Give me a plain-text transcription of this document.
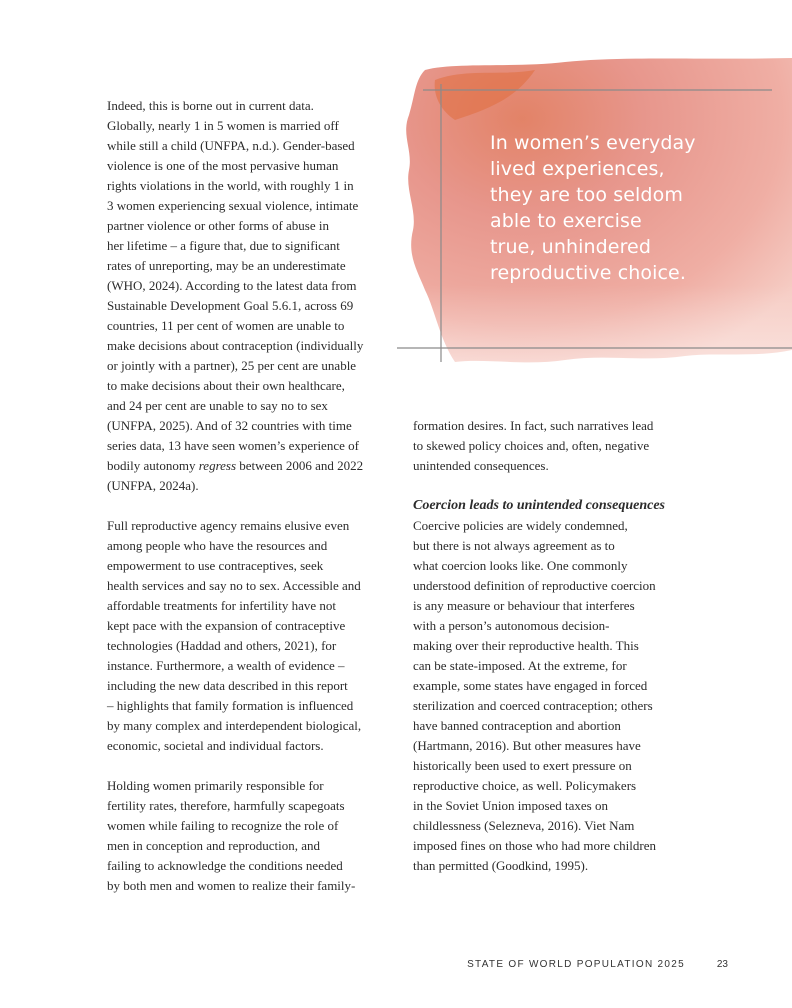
In women’s everyday
lived experiences,
they are too seldom
able to exercise
true, unhindered
reproductive choice.
Indeed, this is borne out in current data.
Globally, nearly 1 in 5 women is married off
while still a child (UNFPA, n.d.). Gender-based
violence is one of the most pervasive human
rights violations in the world, with roughly 1 in
3 women experiencing sexual violence, intimate
partner violence or other forms of abuse in
her lifetime – a figure that, due to significant
rates of unreporting, may be an underestimate
(WHO, 2024). According to the latest data from
Sustainable Development Goal 5.6.1, across 69
countries, 11 per cent of women are unable to
make decisions about contraception (individually
or jointly with a partner), 25 per cent are unable
to make decisions about their own healthcare,
and 24 per cent are unable to say no to sex
(UNFPA, 2025). And of 32 countries with time
series data, 13 have seen women’s experience of
bodily autonomy regress between 2006 and 2022
(UNFPA, 2024a).
Full reproductive agency remains elusive even
among people who have the resources and
empowerment to use contraceptives, seek
health services and say no to sex. Accessible and
affordable treatments for infertility have not
kept pace with the expansion of contraceptive
technologies (Haddad and others, 2021), for
instance. Furthermore, a wealth of evidence –
including the new data described in this report
– highlights that family formation is influenced
by many complex and interdependent biological,
economic, societal and individual factors.
Holding women primarily responsible for
fertility rates, therefore, harmfully scapegoats
women while failing to recognize the role of
men in conception and reproduction, and
failing to acknowledge the conditions needed
by both men and women to realize their family-
formation desires. In fact, such narratives lead
to skewed policy choices and, often, negative
unintended consequences.
Coercion leads to unintended consequences
Coercive policies are widely condemned,
but there is not always agreement as to
what coercion looks like. One commonly
understood definition of reproductive coercion
is any measure or behaviour that interferes
with a person’s autonomous decision-
making over their reproductive health. This
can be state-imposed. At the extreme, for
example, some states have engaged in forced
sterilization and coerced contraception; others
have banned contraception and abortion
(Hartmann, 2016). But other measures have
historically been used to exert pressure on
reproductive choice, as well. Policymakers
in the Soviet Union imposed taxes on
childlessness (Selezneva, 2016). Viet Nam
imposed fines on those who had more children
than permitted (Goodkind, 1995).
STATE OF WORLD POPULATION 2025	23
